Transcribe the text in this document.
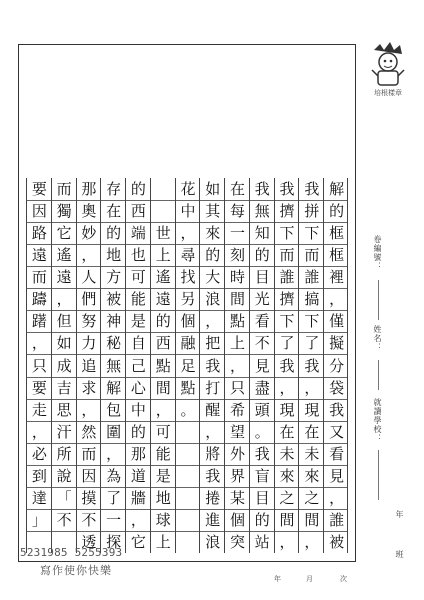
培根樣章
解
的
框
框
裡
，
僅
擬
分
袋
我
又
看
見
，
誰
被
我
拼
下
而
誰
搞
下
了
我
，
現
在
未
來
之
間
，
我
擠
下
而
誰
擠
下
了
我
，
現
在
未
來
之
間
，
我
無
知
的
目
光
看
不
見
盡
頭
。
我
盲
目
的
站
在
每
一
刻
時
間
點
上
，
只
希
望
外
界
某
個
突
如
其
來
的
大
浪
，
把
我
打
醒
，
將
我
捲
進
浪
花
中
，
尋
找
另
個
融
足
點
。
世
上
遙
遠
的
西
點
間
，
可
能
是
地
球
上
的
西
端
也
可
能
是
自
己
心
中
的
那
道
牆
，
它
存
在
的
地
方
被
神
秘
無
解
包
圍
，
為
了
一
探
那
奧
妙
，
人
們
努
力
追
求
，
然
而
因
摸
不
透
而
獨
它
遙
遠
，
但
如
成
吉
思
汗
所
說
「
不
要
因
路
遠
而
躊
躇
，
只
要
走
，
必
到
達
」
卷編號：
姓名：
就讀學校：
年
班
年	月	次
5231985 5255393
寫作使你快樂
